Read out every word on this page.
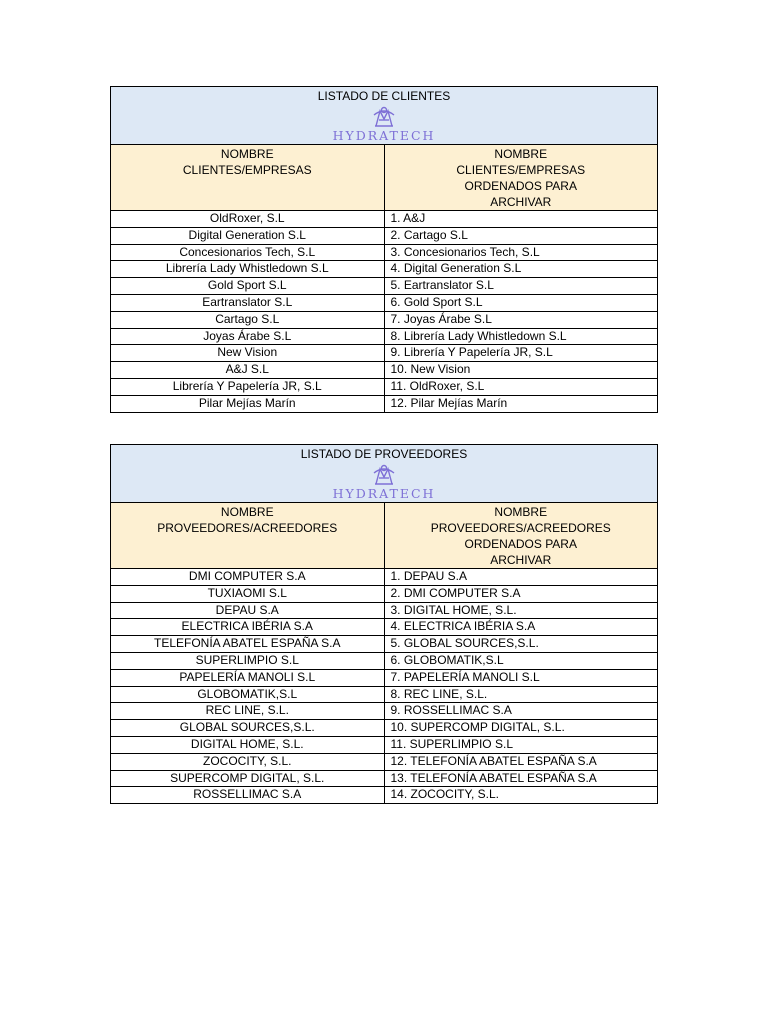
LISTADO DE CLIENTES
HYDRATECH	

NOMBRE
CLIENTES/EMPRESAS	NOMBRE
CLIENTES/EMPRESAS
ORDENADOS PARA
ARCHIVAR
OldRoxer, S.L	1. A&J
Digital Generation S.L	2. Cartago S.L
Concesionarios Tech, S.L	3. Concesionarios Tech, S.L
Librería Lady Whistledown S.L	4. Digital Generation S.L
Gold Sport S.L	5. Eartranslator S.L
Eartranslator S.L	6. Gold Sport S.L
Cartago S.L	7. Joyas Árabe S.L
Joyas Árabe S.L	8. Librería Lady Whistledown S.L
New Vision	9. Librería Y Papelería JR, S.L
A&J S.L	10. New Vision
Librería Y Papelería JR, S.L	11. OldRoxer, S.L
Pilar Mejías Marín	12. Pilar Mejías Marín
LISTADO DE PROVEEDORES
HYDRATECH	

NOMBRE
PROVEEDORES/ACREEDORES	NOMBRE
PROVEEDORES/ACREEDORES
ORDENADOS PARA
ARCHIVAR
DMI COMPUTER S.A	1. DEPAU S.A
TUXIAOMI S.L	2. DMI COMPUTER S.A
DEPAU S.A	3. DIGITAL HOME, S.L.
ELECTRICA IBÉRIA S.A	4. ELECTRICA IBÉRIA S.A
TELEFONÍA ABATEL ESPAÑA S.A	5. GLOBAL SOURCES,S.L.
SUPERLIMPIO S.L	6. GLOBOMATIK,S.L
PAPELERÍA MANOLI S.L	7. PAPELERÍA MANOLI S.L
GLOBOMATIK,S.L	8. REC LINE, S.L.
REC LINE, S.L.	9. ROSSELLIMAC S.A
GLOBAL SOURCES,S.L.	10. SUPERCOMP DIGITAL, S.L.
DIGITAL HOME, S.L.	11. SUPERLIMPIO S.L
ZOCOCITY, S.L.	12. TELEFONÍA ABATEL ESPAÑA S.A
SUPERCOMP DIGITAL, S.L.	13. TELEFONÍA ABATEL ESPAÑA S.A
ROSSELLIMAC S.A	14. ZOCOCITY, S.L.
